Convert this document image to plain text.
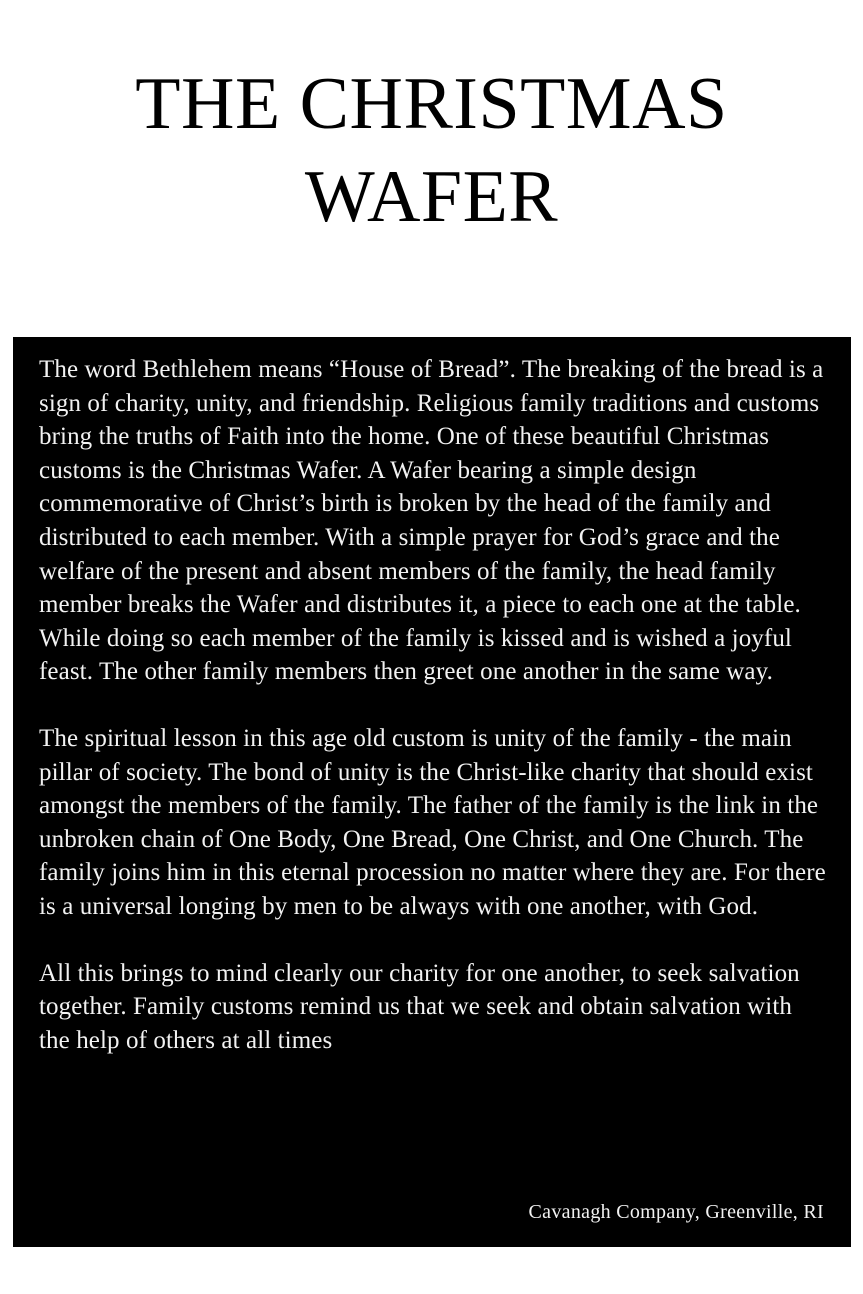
THE CHRISTMAS
WAFER

The word Bethlehem means “House of Bread”. The breaking of the bread is a sign of charity, unity, and friendship. Religious family traditions and customs bring the truths of Faith into the home. One of these beautiful Christmas customs is the Christmas Wafer. A Wafer bearing a simple design commemorative of Christ’s birth is broken by the head of the family and distributed to each member. With a simple prayer for God’s grace and the welfare of the present and absent members of the family, the head family member breaks the Wafer and distributes it, a piece to each one at the table. While doing so each member of the family is kissed and is wished a joyful feast. The other family members then greet one another in the same way.

The spiritual lesson in this age old custom is unity of the family - the main pillar of society. The bond of unity is the Christ-like charity that should exist amongst the members of the family. The father of the family is the link in the unbroken chain of One Body, One Bread, One Christ, and One Church. The family joins him in this eternal procession no matter where they are. For there is a universal longing by men to be always with one another, with God.

All this brings to mind clearly our charity for one another, to seek salvation together. Family customs remind us that we seek and obtain salvation with the help of others at all times

Cavanagh Company, Greenville, RI
